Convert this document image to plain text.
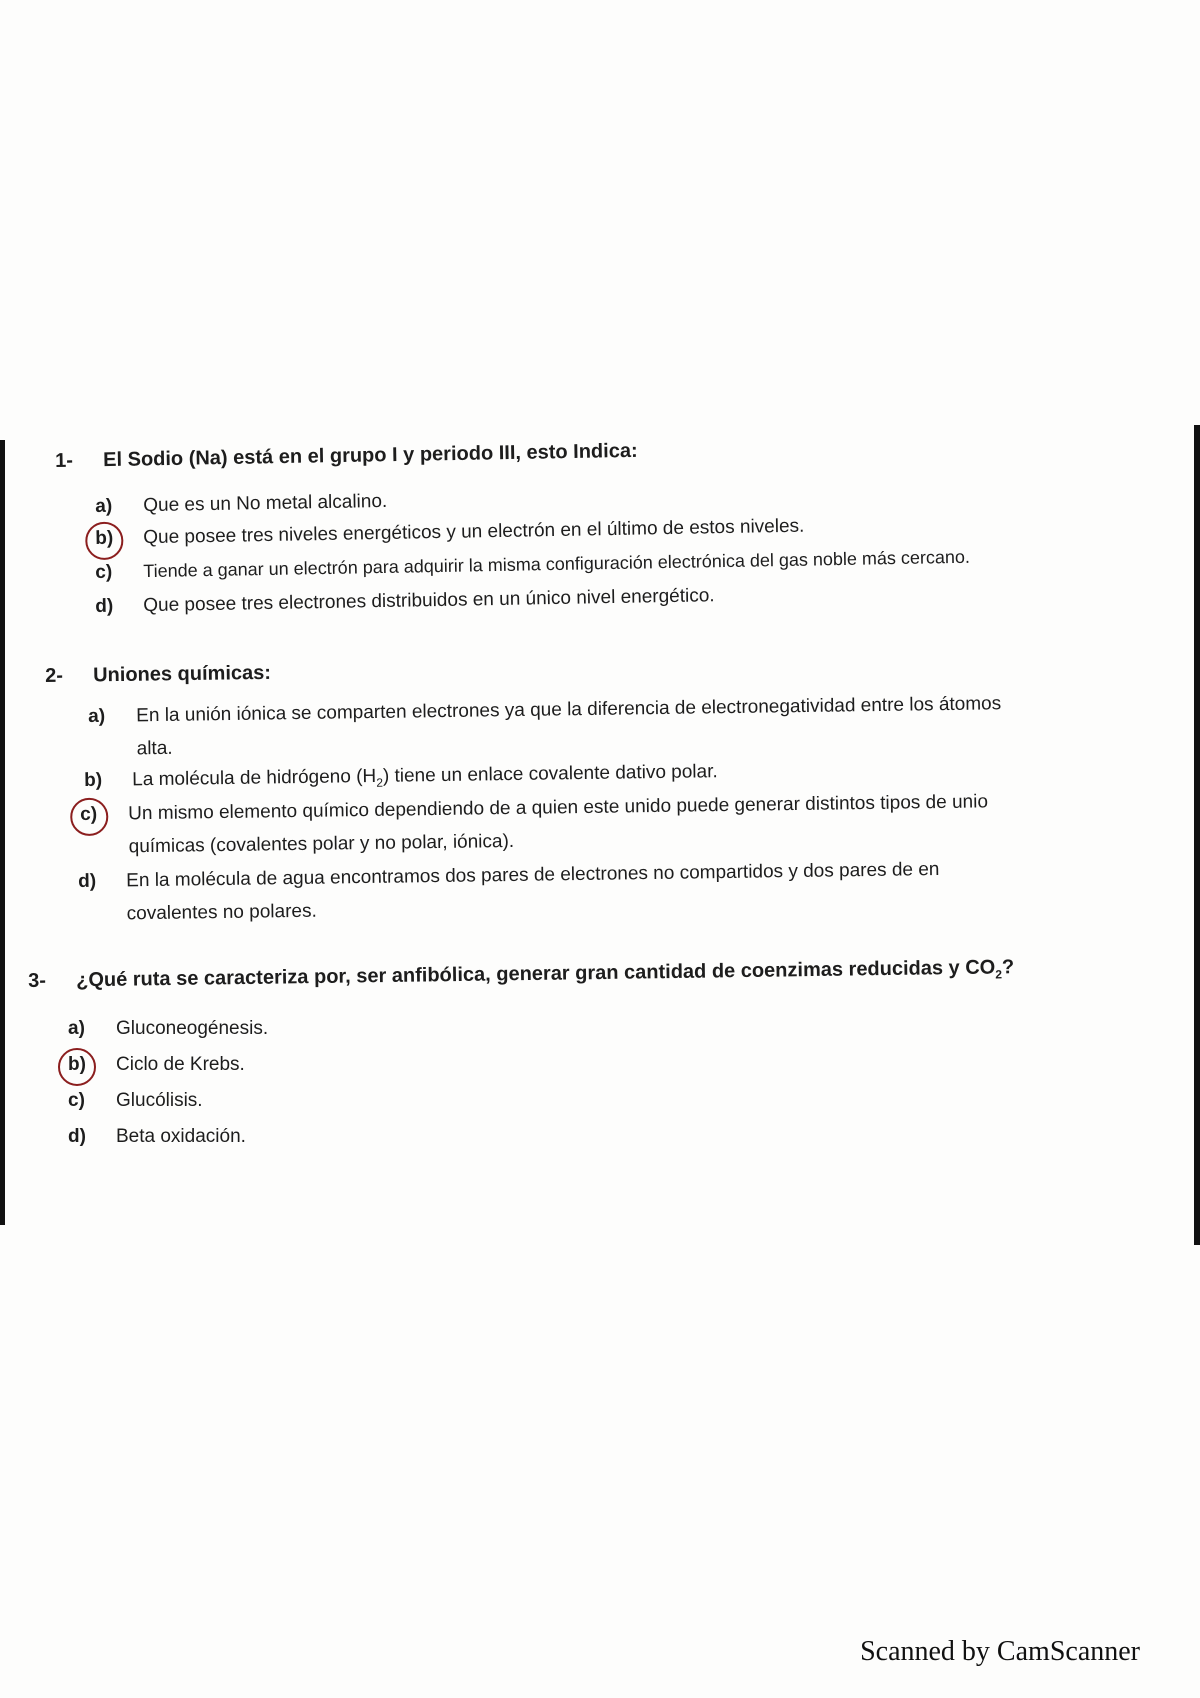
1-	El Sodio (Na) está en el grupo I y periodo III, esto Indica:
a)	Que es un No metal alcalino.
b)	Que posee tres niveles energéticos y un electrón en el último de estos niveles.
c)	Tiende a ganar un electrón para adquirir la misma configuración electrónica del gas noble más cercano.
d)	Que posee tres electrones distribuidos en un único nivel energético.
2-	Uniones químicas:
a)	En la unión iónica se comparten electrones ya que la diferencia de electronegatividad entre los átomos
alta.
b)	La molécula de hidrógeno $(H_2)$ tiene un enlace covalente dativo polar.
c)	Un mismo elemento químico dependiendo de a quien este unido puede generar distintos tipos de unio
químicas (covalentes polar y no polar, iónica).
d)	En la molécula de agua encontramos dos pares de electrones no compartidos y dos pares de en
covalentes no polares.
3-	¿Qué ruta se caracteriza por, ser anfibólica, generar gran cantidad de coenzimas reducidas y $CO_2$?
a)	Gluconeogénesis.
b)	Ciclo de Krebs.
c)	Glucólisis.
d)	Beta oxidación.
Scanned by CamScanner
